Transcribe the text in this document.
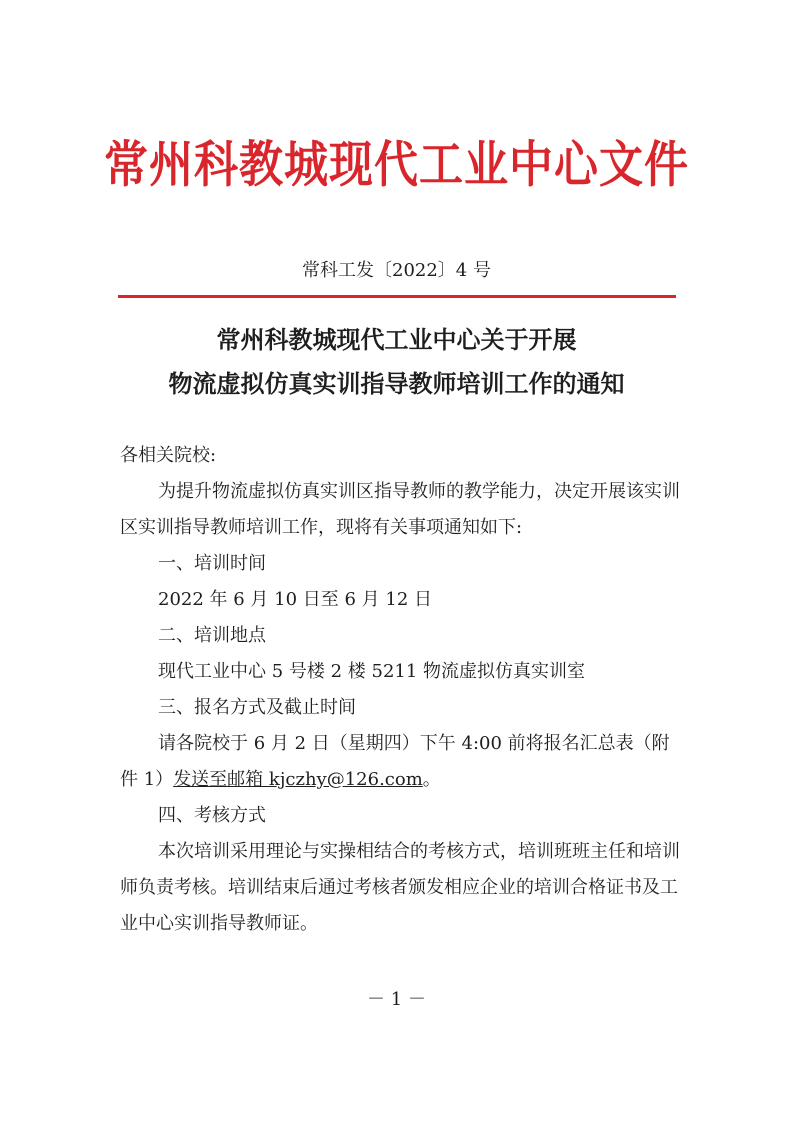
常州科教城现代工业中心文件
常科工发〔2022〕4 号
常州科教城现代工业中心关于开展
物流虚拟仿真实训指导教师培训工作的通知

各相关院校:

为提升物流虚拟仿真实训区指导教师的教学能力，决定开展该实训区实训指导教师培训工作，现将有关事项通知如下:

一、培训时间

2022 年 6 月 10 日至 6 月 12 日

二、培训地点

现代工业中心 5 号楼 2 楼 5211 物流虚拟仿真实训室

三、报名方式及截止时间

请各院校于 6 月 2 日（星期四）下午 4:00 前将报名汇总表（附件 1）发送至邮箱 kjczhy@126.com。

四、考核方式

本次培训采用理论与实操相结合的考核方式，培训班班主任和培训师负责考核。培训结束后通过考核者颁发相应企业的培训合格证书及工业中心实训指导教师证。

－ 1 －
